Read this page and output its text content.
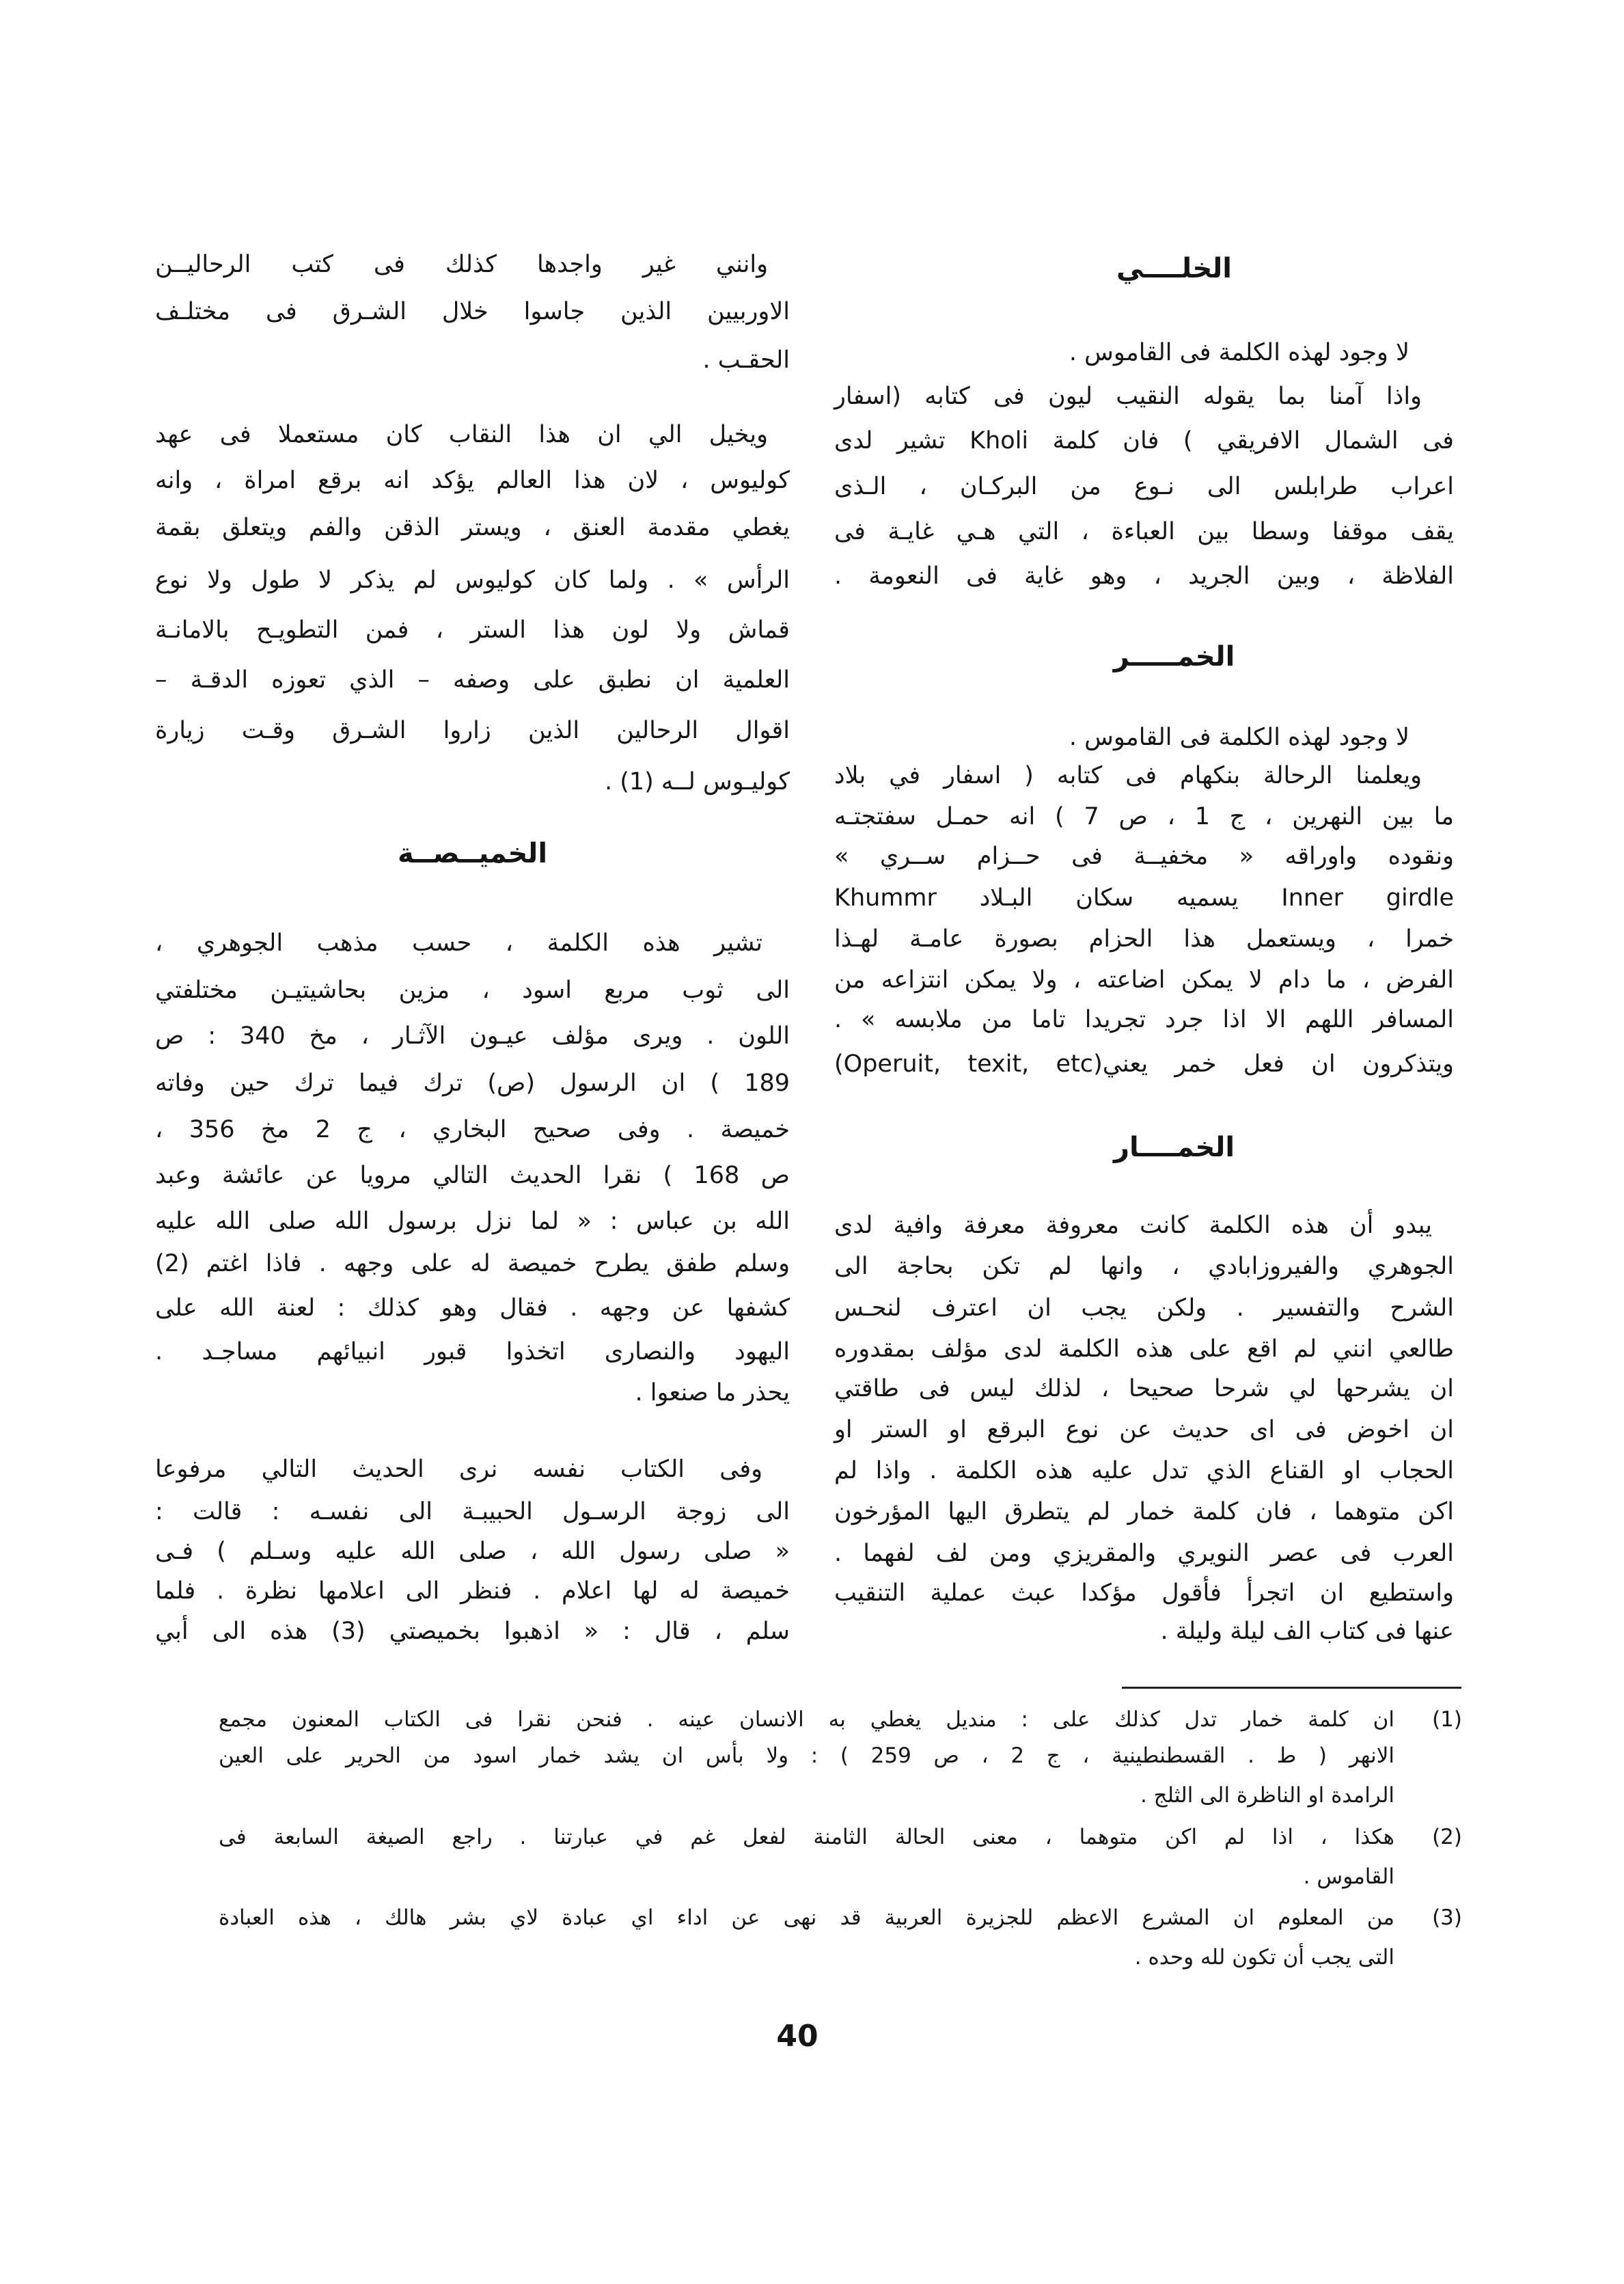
الخلــــي
لا وجود لهذه الكلمة فى القاموس .
واذا آمنا بما يقوله النقيب ليون فى كتابه (اسفار
فى الشمال الافريقي ) فان كلمة Kholi تشير لدى
اعراب طرابلس الى نـوع من البركـان ، الـذى
يقف موقفا وسطا بين العباءة ، التي هـي غايـة فى
الفلاظة ، وبين الجريد ، وهو غاية فى النعومة .
الخمـــــر
لا وجود لهذه الكلمة فى القاموس .
ويعلمنا الرحالة بنكهام فى كتابه ( اسفار في بلاد
ما بين النهرين ، ج 1 ، ص 7 ) انه حمـل سفتجتـه
ونقوده واوراقه « مخفيــة فى حــزام ســري »
Inner girdle يسميه سكان البـلاد Khummr
خمرا ، ويستعمل هذا الحزام بصورة عامـة لهـذا
الفرض ، ما دام لا يمكن اضاعته ، ولا يمكن انتزاعه من
المسافر اللهم الا اذا جرد تجريدا تاما من ملابسه » .
ويتذكرون ان فعل خمر يعني(Operuit, texit, etc)
الخمــــار
يبدو أن هذه الكلمة كانت معروفة معرفة وافية لدى
الجوهري والفيروزابادي ، وانها لم تكن بحاجة الى
الشرح والتفسير . ولكن يجب ان اعترف لنحـس
طالعي انني لم اقع على هذه الكلمة لدى مؤلف بمقدوره
ان يشرحها لي شرحا صحيحا ، لذلك ليس فى طاقتي
ان اخوض فى اى حديث عن نوع البرقع او الستر او
الحجاب او القناع الذي تدل عليه هذه الكلمة . واذا لم
اكن متوهما ، فان كلمة خمار لم يتطرق اليها المؤرخون
العرب فى عصر النويري والمقريزي ومن لف لفهما .
واستطيع ان اتجرأ فأقول مؤكدا عبث عملية التنقيب
عنها فى كتاب الف ليلة وليلة .
وانني غير واجدها كذلك فى كتب الرحاليــن
الاوربيين الذين جاسوا خلال الشـرق فى مختلـف
الحقـب .
ويخيل الي ان هذا النقاب كان مستعملا فى عهد
كوليوس ، لان هذا العالم يؤكد انه برقع امراة ، وانه
يغطي مقدمة العنق ، ويستر الذقن والفم ويتعلق بقمة
الرأس » . ولما كان كوليوس لم يذكر لا طول ولا نوع
قماش ولا لون هذا الستر ، فمن التطويـح بالامانـة
العلمية ان نطبق على وصفه – الذي تعوزه الدقـة –
اقوال الرحالين الذين زاروا الشـرق وقـت زيارة
كوليـوس لــه (1) .
الخميــصــة
تشير هذه الكلمة ، حسب مذهب الجوهري ،
الى ثوب مربع اسود ، مزين بحاشيتيـن مختلفتي
اللون . ويرى مؤلف عيـون الآثـار ، مخ 340 : ص
189 ) ان الرسول (ص) ترك فيما ترك حين وفاته
خميصة . وفى صحيح البخاري ، ج 2 مخ 356 ،
ص 168 ) نقرا الحديث التالي مرويا عن عائشة وعبد
الله بن عباس : « لما نزل برسول الله صلى الله عليه
وسلم طفق يطرح خميصة له على وجهه . فاذا اغتم (2)
كشفها عن وجهه . فقال وهو كذلك : لعنة الله على
اليهود والنصارى اتخذوا قبور انبيائهم مساجـد .
يحذر ما صنعوا .
وفى الكتاب نفسه نرى الحديث التالي مرفوعا
الى زوجة الرسـول الحبيبـة الى نفسـه : قالت :
« صلى رسول الله ، صلى الله عليه وسـلم ) فـى
خميصة له لها اعلام . فنظر الى اعلامها نظرة . فلما
سلم ، قال : « اذهبوا بخميصتي (3) هذه الى أبي
(1)
(2)
(3)
ان كلمة خمار تدل كذلك على : منديل يغطي به الانسان عينه . فنحن نقرا فى الكتاب المعنون مجمع
الانهر ( ط . القسطنطينية ، ج 2 ، ص 259 ) : ولا بأس ان يشد خمار اسود من الحرير على العين
الرامدة او الناظرة الى الثلج .
هكذا ، اذا لم اكن متوهما ، معنى الحالة الثامنة لفعل غم في عبارتنا . راجع الصيغة السابعة فى
القاموس .
من المعلوم ان المشرع الاعظم للجزيرة العربية قد نهى عن اداء اي عبادة لاي بشر هالك ، هذه العبادة
التى يجب أن تكون لله وحده .
40
